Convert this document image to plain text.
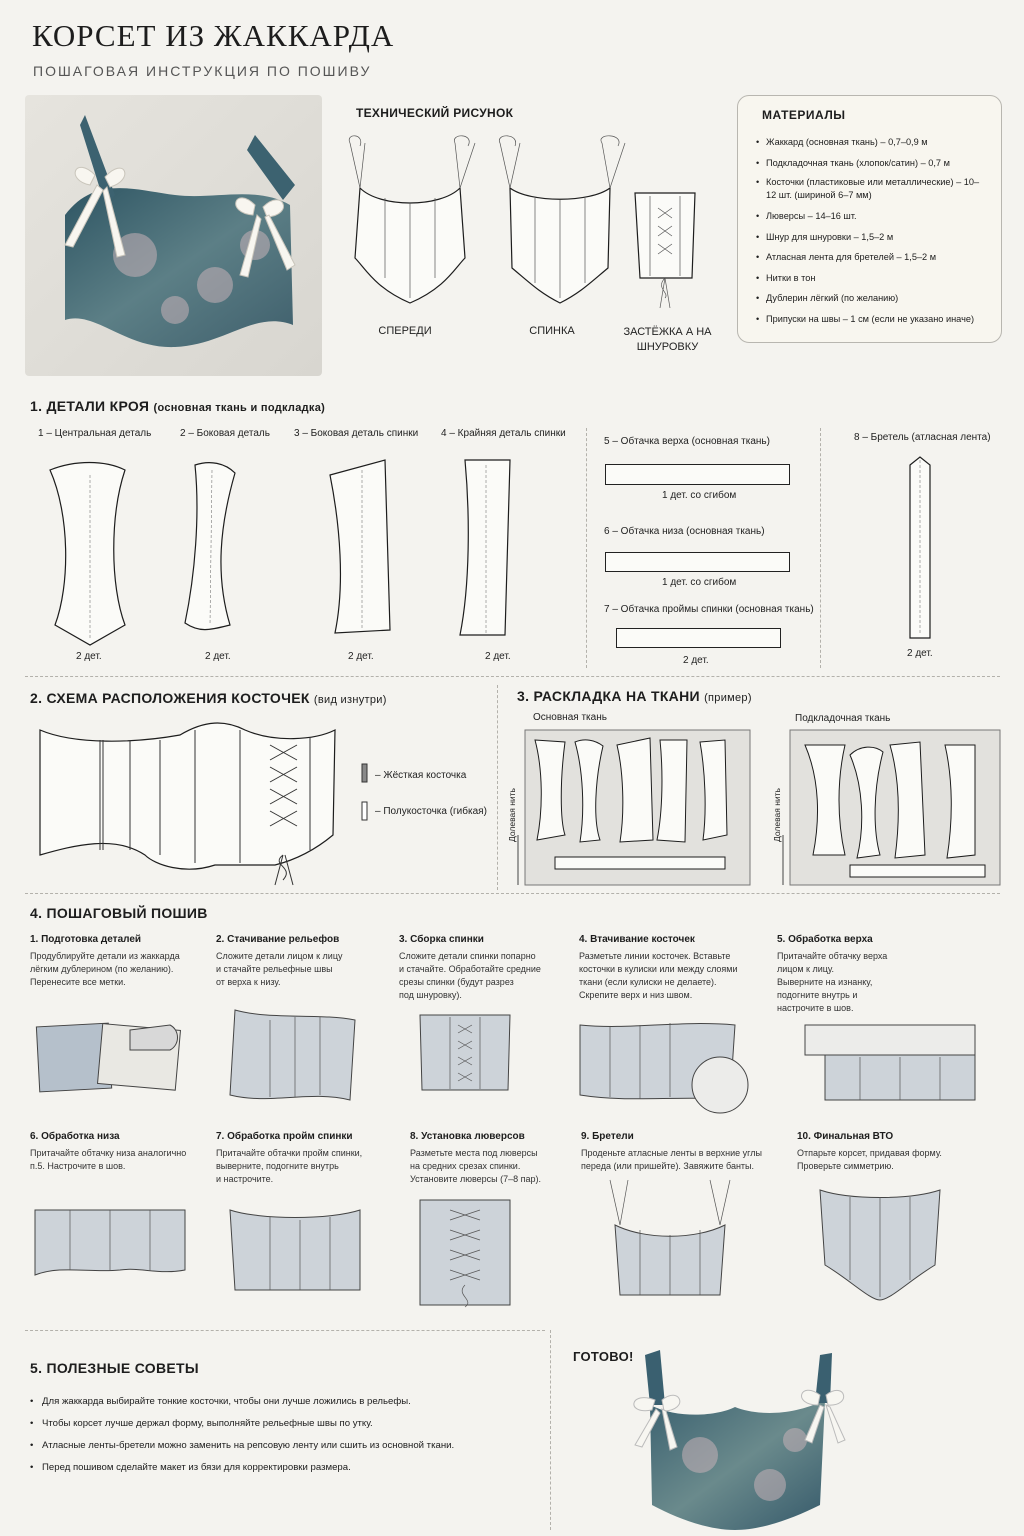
КОРСЕТ ИЗ ЖАККАРДА
ПОШАГОВАЯ ИНСТРУКЦИЯ ПО ПОШИВУ
ТЕХНИЧЕСКИЙ РИСУНОК
СПЕРЕДИ	СПИНКА	ЗАСТЁЖКА А НА ШНУРОВКУ
МАТЕРИАЛЫ
• Жаккард (основная ткань) – 0,7–0,9 м
• Подкладочная ткань (хлопок/сатин) – 0,7 м
• Косточки (пластиковые или металлические) – 10–12 шт. (шириной 6–7 мм)
• Люверсы – 14–16 шт.
• Шнур для шнуровки – 1,5–2 м
• Атласная лента для бретелей – 1,5–2 м
• Нитки в тон
• Дублерин лёгкий (по желанию)
• Припуски на швы – 1 см (если не указано иначе)
1. ДЕТАЛИ КРОЯ (основная ткань и подкладка)
1 – Центральная деталь	2 – Боковая деталь 3 – Боковая деталь спинки 4 – Крайняя деталь спинки
2 дет.	2 дет.	2 дет.	2 дет.
5 – Обтачка верха (основная ткань)
1 дет. со сгибом
6 – Обтачка низа (основная ткань)
1 дет. со сгибом
7 – Обтачка проймы спинки (основная ткань)
2 дет.
8 – Бретель (атласная лента)
2 дет.
2. СХЕМА РАСПОЛОЖЕНИЯ КОСТОЧЕК (вид изнутри)
– Жёсткая косточка
– Полукосточка (гибкая)
3. РАСКЛАДКА НА ТКАНИ (пример)
Основная ткань	Подкладочная ткань
Долевая нить	Долевая нить
4. ПОШАГОВЫЙ ПОШИВ
1. Подготовка деталей
Продублируйте детали из жаккарда
лёгким дублерином (по желанию).
Перенесите все метки.
2. Стачивание рельефов
Сложите детали лицом к лицу
и стачайте рельефные швы
от верха к низу.
3. Сборка спинки
Сложите детали спинки попарно
и стачайте. Обработайте средние
срезы спинки (будут разрез
под шнуровку).
4. Втачивание косточек
Разметьте линии косточек. Вставьте
косточки в кулиски или между слоями
ткани (если кулиски не делаете).
Скрепите верх и низ швом.
5. Обработка верха
Притачайте обтачку верха
лицом к лицу.
Выверните на изнанку,
подогните внутрь и
настрочите в шов.
6. Обработка низа
Притачайте обтачку низа аналогично
п.5. Настрочите в шов.
7. Обработка пройм спинки
Притачайте обтачки пройм спинки,
выверните, подогните внутрь
и настрочите.
8. Установка люверсов
Разметьте места под люверсы
на средних срезах спинки.
Установите люверсы (7–8 пар).
9. Бретели
Проденьте атласные ленты в верхние углы
переда (или пришейте). Завяжите банты.
10. Финальная ВТО
Отпарьте корсет, придавая форму.
Проверьте симметрию.
5. ПОЛЕЗНЫЕ СОВЕТЫ
• Для жаккарда выбирайте тонкие косточки, чтобы они лучше ложились в рельефы.
• Чтобы корсет лучше держал форму, выполняйте рельефные швы по утку.
• Атласные ленты-бретели можно заменить на репсовую ленту или сшить из основной ткани.
• Перед пошивом сделайте макет из бязи для корректировки размера.
ГОТОВО!
